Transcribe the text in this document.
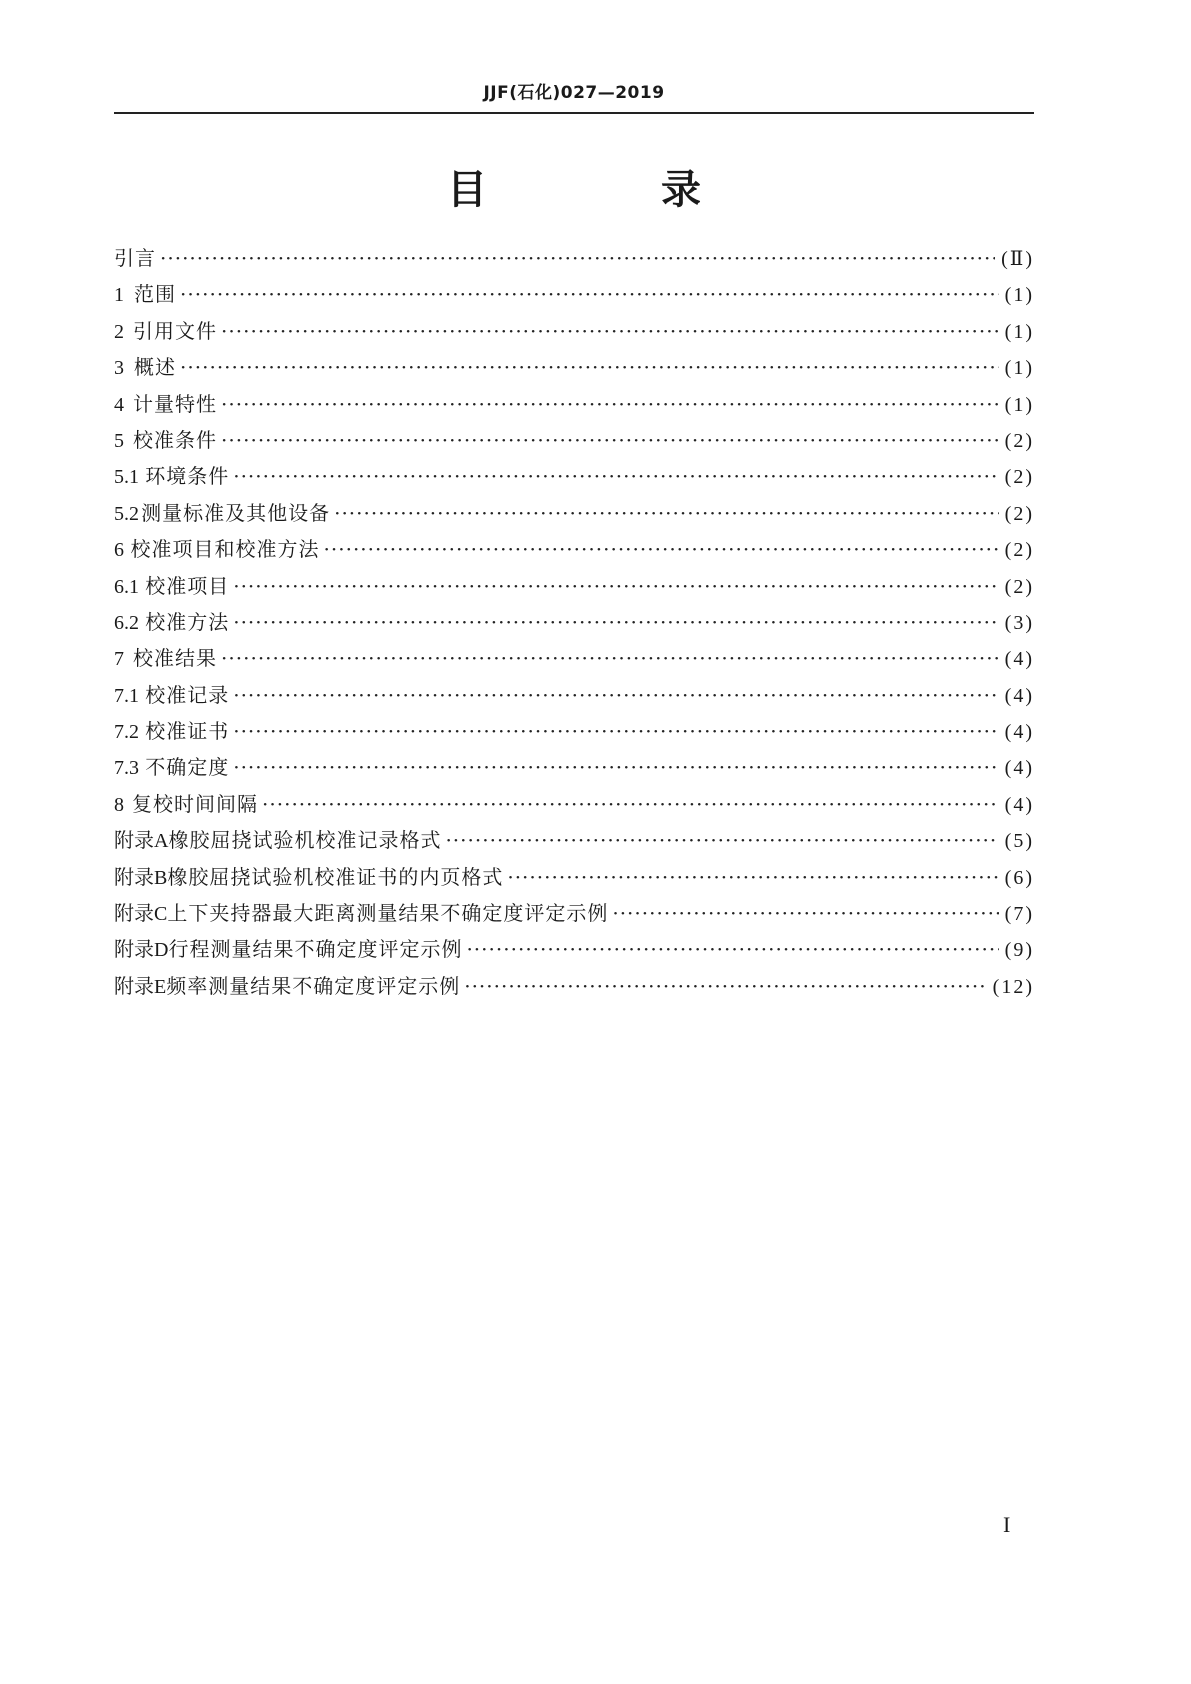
JJF(石化)027—2019
目 录
引言 ·····	(Ⅱ)
1 范围 ·····	(1)
2 引用文件 ·····	(1)
3 概述 ·····	(1)
4 计量特性 ·····	(1)
5 校准条件 ·····	(2)
5.1 环境条件 ·····	(2)
5.2 测量标准及其他设备 ·····	(2)
6 校准项目和校准方法 ·····	(2)
6.1 校准项目 ·····	(2)
6.2 校准方法 ·····	(3)
7 校准结果 ·····	(4)
7.1 校准记录 ·····	(4)
7.2 校准证书 ·····	(4)
7.3 不确定度 ·····	(4)
8 复校时间间隔 ·····	(4)
附录A 橡胶屈挠试验机校准记录格式 ·····	(5)
附录B 橡胶屈挠试验机校准证书的内页格式 ·····	(6)
附录C 上下夹持器最大距离测量结果不确定度评定示例 ·····	(7)
附录D 行程测量结果不确定度评定示例 ·····	(9)
附录E 频率测量结果不确定度评定示例 ·····	(12)
I
